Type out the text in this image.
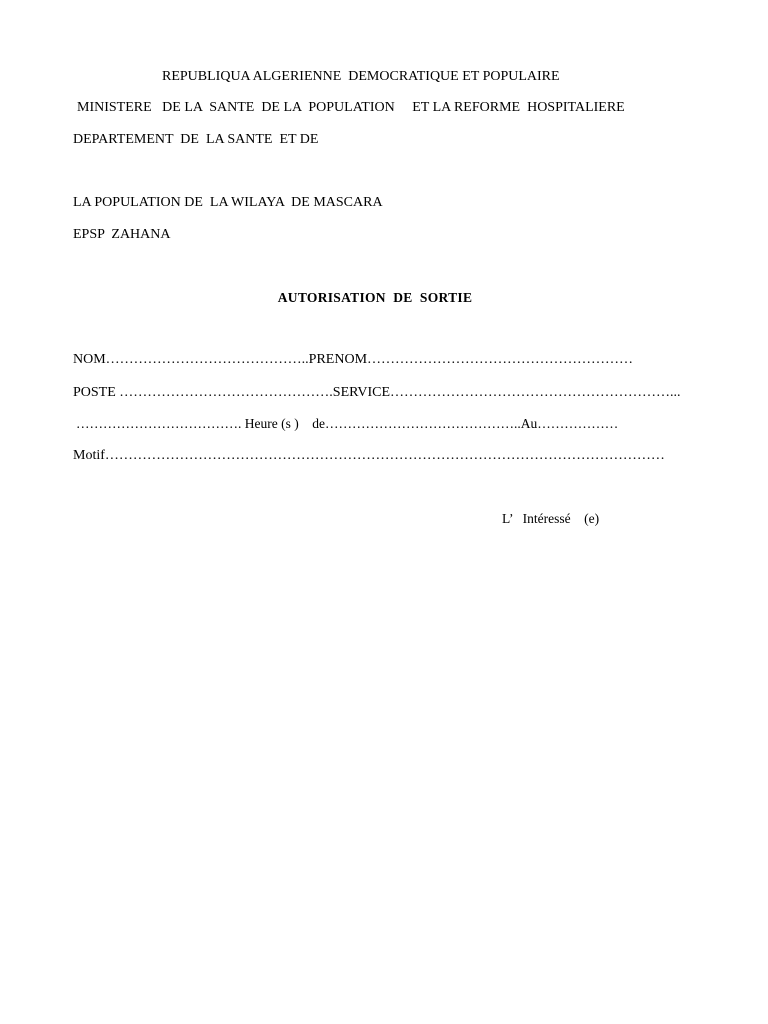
REPUBLIQUA ALGERIENNE  DEMOCRATIQUE ET POPULAIRE

MINISTERE   DE LA  SANTE  DE LA  POPULATION     ET LA REFORME  HOSPITALIERE

DEPARTEMENT  DE  LA SANTE  ET DE

LA POPULATION DE  LA WILAYA  DE MASCARA

EPSP  ZAHANA

AUTORISATION  DE  SORTIE

NOM……………………………………..PRENOM…………………………………………………

POSTE ……………………………………….SERVICE……………………………………………………...

………………………………. Heure (s )    de……………………………………..Au………………

Motif…………………………………………………………………………………………………………

L’   Intéressé    (e)
